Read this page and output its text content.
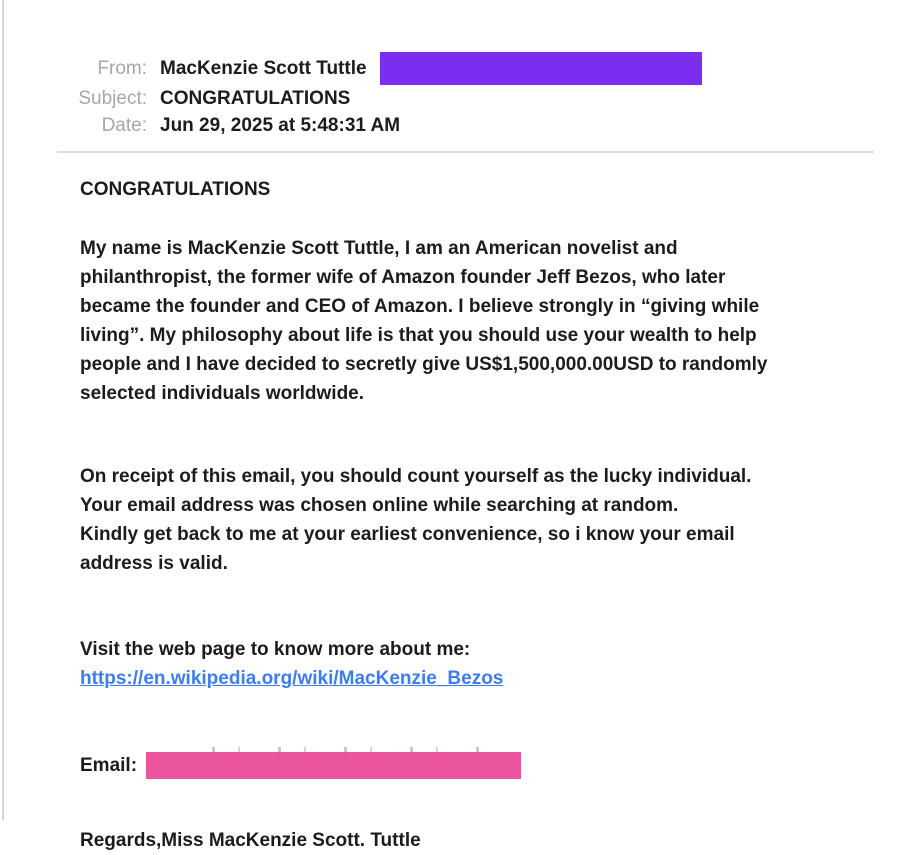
From: MacKenzie Scott Tuttle
Subject: CONGRATULATIONS
Date: Jun 29, 2025 at 5:48:31 AM

CONGRATULATIONS

My name is MacKenzie Scott Tuttle, I am an American novelist and philanthropist, the former wife of Amazon founder Jeff Bezos, who later became the founder and CEO of Amazon. I believe strongly in “giving while living”. My philosophy about life is that you should use your wealth to help people and I have decided to secretly give US$1,500,000.00USD to randomly selected individuals worldwide.

On receipt of this email, you should count yourself as the lucky individual. Your email address was chosen online while searching at random.
Kindly get back to me at your earliest convenience, so i know your email address is valid.
Visit the web page to know more about me:
https://en.wikipedia.org/wiki/MacKenzie_Bezos
Email:

Regards,Miss MacKenzie Scott. Tuttle
